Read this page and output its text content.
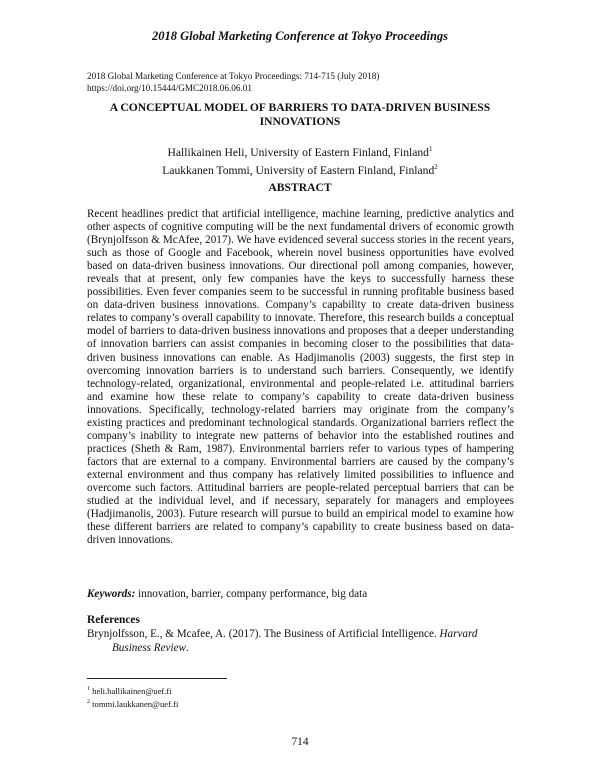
2018 Global Marketing Conference at Tokyo Proceedings
2018 Global Marketing Conference at Tokyo Proceedings: 714-715 (July 2018)
https://doi.org/10.15444/GMC2018.06.06.01
A CONCEPTUAL MODEL OF BARRIERS TO DATA-DRIVEN BUSINESS
INNOVATIONS
Hallikainen Heli, University of Eastern Finland, Finland$^1$
Laukkanen Tommi, University of Eastern Finland, Finland$^2$
ABSTRACT
Recent headlines predict that artificial intelligence, machine learning, predictive analytics and other aspects of cognitive computing will be the next fundamental drivers of economic growth (Brynjolfsson & McAfee, 2017). We have evidenced several success stories in the recent years, such as those of Google and Facebook, wherein novel business opportunities have evolved based on data-driven business innovations. Our directional poll among companies, however, reveals that at present, only few companies have the keys to successfully harness these possibilities. Even fever companies seem to be successful in running profitable business based on data-driven business innovations. Company’s capability to create data-driven business relates to company’s overall capability to innovate. Therefore, this research builds a conceptual model of barriers to data-driven business innovations and proposes that a deeper understanding of innovation barriers can assist companies in becoming closer to the possibilities that data-driven business innovations can enable. As Hadjimanolis (2003) suggests, the first step in overcoming innovation barriers is to understand such barriers. Consequently, we identify technology-related, organizational, environmental and people-related i.e. attitudinal barriers and examine how these relate to company’s capability to create data-driven business innovations. Specifically, technology-related barriers may originate from the company’s existing practices and predominant technological standards. Organizational barriers reflect the company’s inability to integrate new patterns of behavior into the established routines and practices (Sheth & Ram, 1987). Environmental barriers refer to various types of hampering factors that are external to a company. Environmental barriers are caused by the company’s external environment and thus company has relatively limited possibilities to influence and overcome such factors. Attitudinal barriers are people-related perceptual barriers that can be studied at the individual level, and if necessary, separately for managers and employees (Hadjimanolis, 2003). Future research will pursue to build an empirical model to examine how these different barriers are related to company’s capability to create business based on data-driven innovations.
Keywords: innovation, barrier, company performance, big data
References
Brynjolfsson, E., & Mcafee, A. (2017). The Business of Artificial Intelligence. Harvard Business Review.
$^1$ heli.hallikainen@uef.fi
$^2$ tommi.laukkanen@uef.fi
714
